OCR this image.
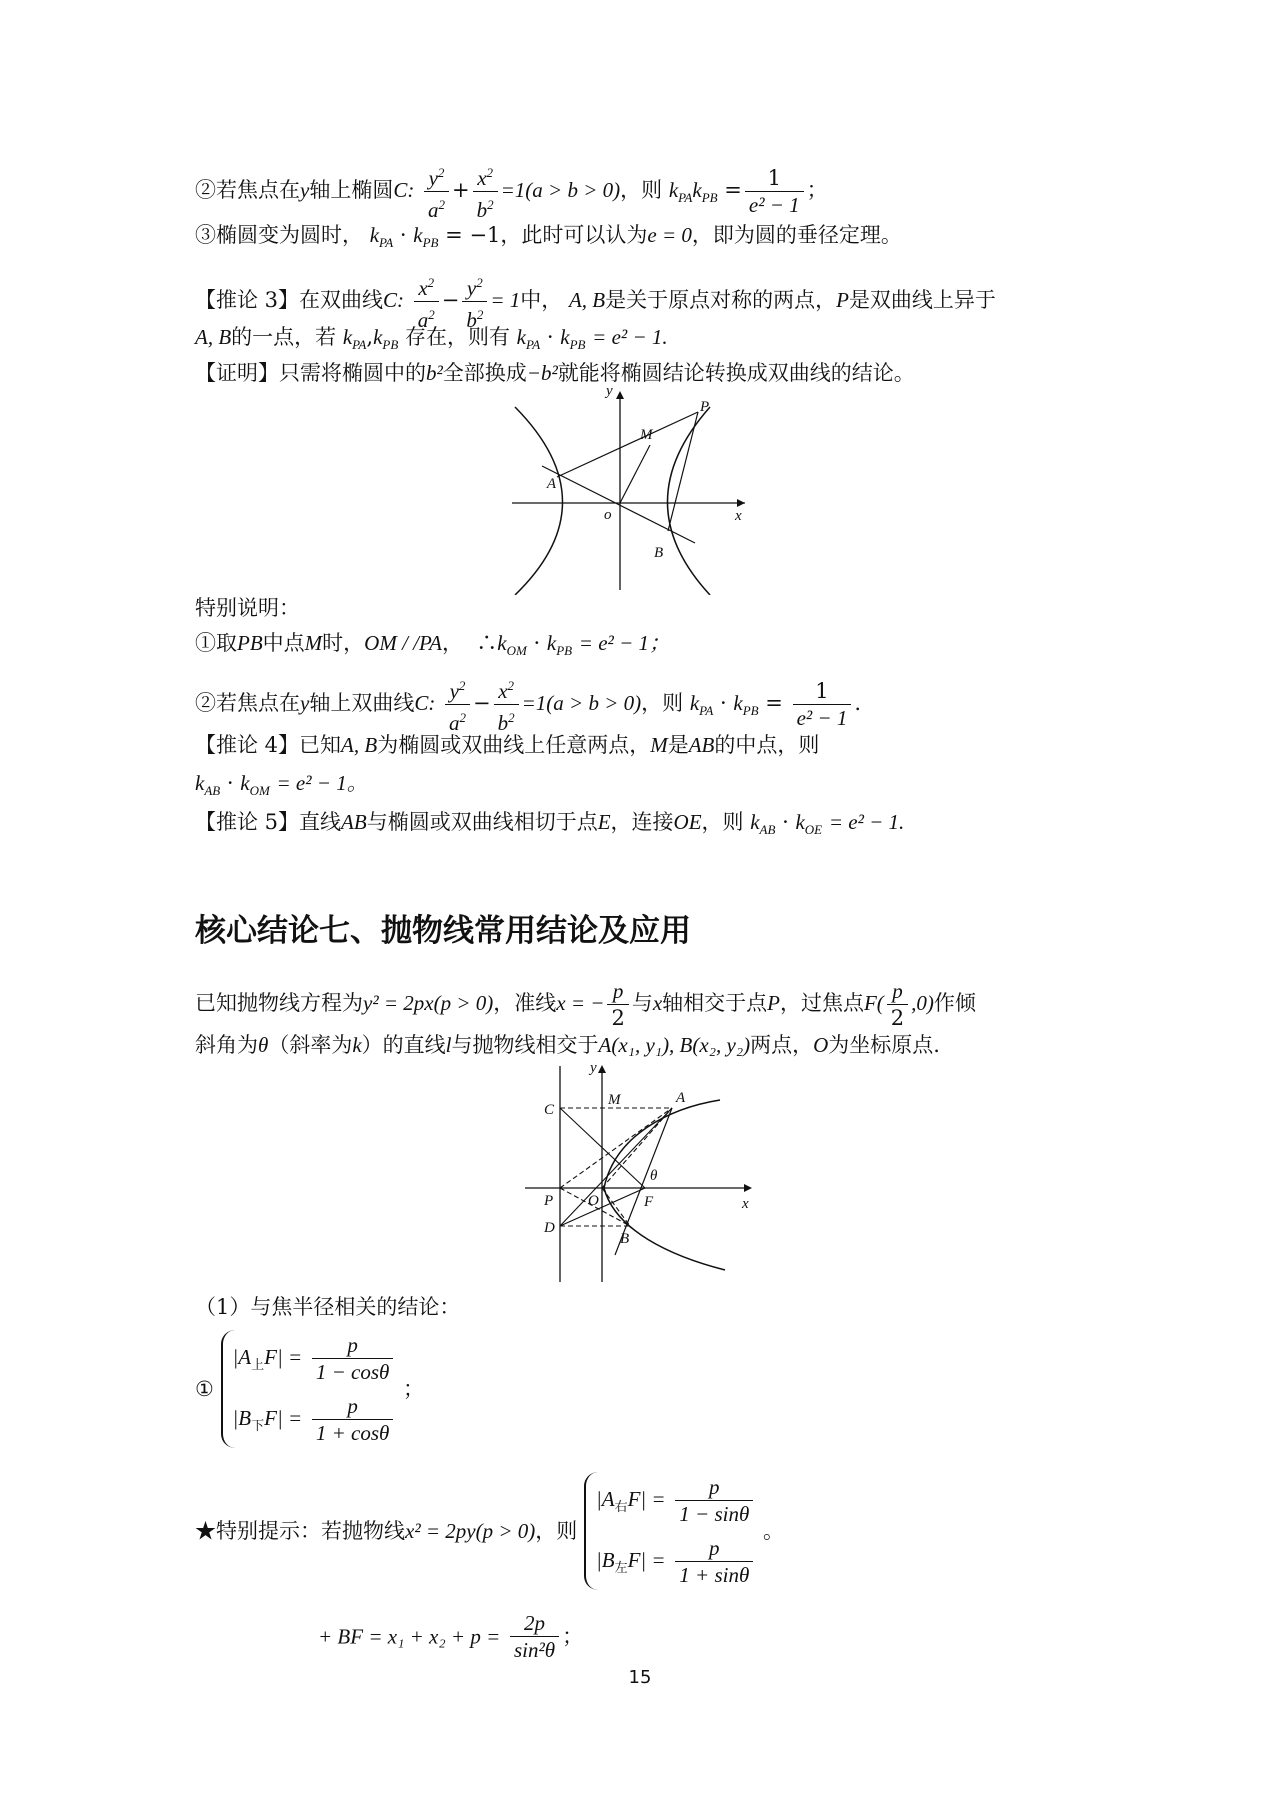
②若焦点在y轴上椭圆C: $\frac{y^2}{a^2} + \frac{x^2}{b^2} =1(a > b > 0)$，则 $k_{PA}k_{PB} = \frac{1}{\text{e² − 1}}$ ；
③椭圆变为圆时， $k_{PA} \cdot k_{PB} = -1$，此时可以认为e = 0，即为圆的垂径定理。
【推论 3】在双曲线C: $\frac{x^2}{a^2} - \frac{y^2}{b^2} = 1$中， A, B是关于原点对称的两点，P是双曲线上异于
A, B的一点，若 $k_{PA},k_{PB}$ 存在，则有 $k_{PA} \cdot k_{PB} = e^2 - 1$.
【证明】只需将椭圆中的b²全部换成−b²就能将椭圆结论转换成双曲线的结论。
y
x
o
A
B
P
M
特别说明：
①取PB中点M时，OM / /PA， $\therefore k_{OM} \cdot k_{PB} = e^2 - 1$；
②若焦点在y轴上双曲线C: $\frac{y^2}{a^2} - \frac{x^2}{b^2} =1(a > b > 0)$，则 $k_{PA} \cdot k_{PB} = \frac{1}{\text{e² − 1}}$ .
【推论 4】已知A, B为椭圆或双曲线上任意两点，M是AB的中点，则
$k_{AB} \cdot k_{OM} = e^2 - 1$。
【推论 5】直线AB与椭圆或双曲线相切于点E，连接OE，则 $k_{AB} \cdot k_{OE} = e^2 - 1$.
核心结论七、抛物线常用结论及应用
已知抛物线方程为y² = 2px(p > 0)，准线x = − $\frac{p}{2}$ 与x轴相交于点P，过焦点$F( \frac{p}{2} ,0)$作倾
斜角为θ（斜率为k）的直线l与抛物线相交于A(x₁, y₁), B(x₂, y₂)两点，O为坐标原点.
y
x
M	A
C
P O	F
D
B
θ
（1）与焦半径相关的结论：
①
$|A_上F| = \frac{p}{1 - \cos\theta}$
$|B_下F| = \frac{p}{1 + \cos\theta}$
；
★特别提示：若抛物线x² = 2py(p > 0)，则
$|A_右F| = \frac{p}{1 - \sin\theta}$
$|B_左F| = \frac{p}{1 + \sin\theta}$
。
+ BF = $x_1 + x_2 + p = \frac{2p}{\text{sin²θ}}$ ；
15
